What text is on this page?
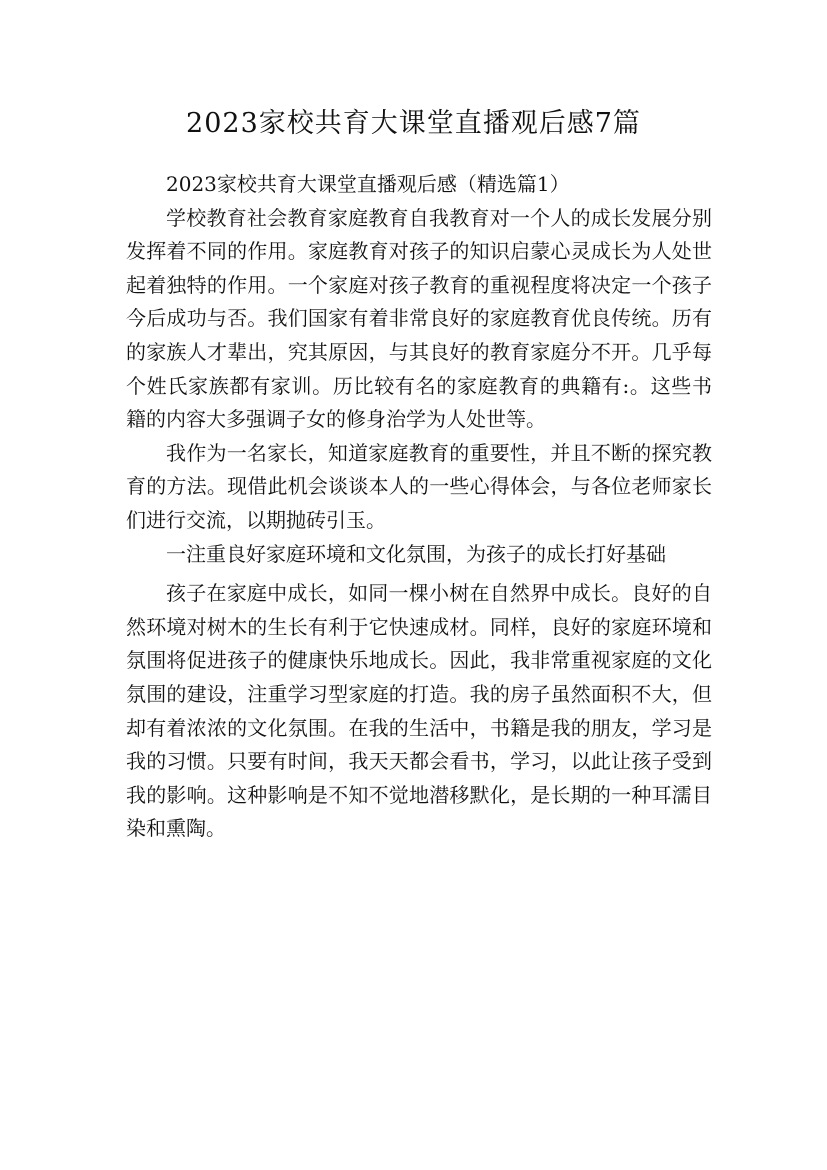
2023家校共育大课堂直播观后感7篇

2023家校共育大课堂直播观后感（精选篇1）

学校教育社会教育家庭教育自我教育对一个人的成长发展分别发挥着不同的作用。家庭教育对孩子的知识启蒙心灵成长为人处世起着独特的作用。一个家庭对孩子教育的重视程度将决定一个孩子今后成功与否。我们国家有着非常良好的家庭教育优良传统。历有的家族人才辈出，究其原因，与其良好的教育家庭分不开。几乎每个姓氏家族都有家训。历比较有名的家庭教育的典籍有:。这些书籍的内容大多强调子女的修身治学为人处世等。

我作为一名家长，知道家庭教育的重要性，并且不断的探究教育的方法。现借此机会谈谈本人的一些心得体会，与各位老师家长们进行交流，以期抛砖引玉。

一注重良好家庭环境和文化氛围，为孩子的成长打好基础

孩子在家庭中成长，如同一棵小树在自然界中成长。良好的自然环境对树木的生长有利于它快速成材。同样，良好的家庭环境和氛围将促进孩子的健康快乐地成长。因此，我非常重视家庭的文化氛围的建设，注重学习型家庭的打造。我的房子虽然面积不大，但却有着浓浓的文化氛围。在我的生活中，书籍是我的朋友，学习是我的习惯。只要有时间，我天天都会看书，学习，以此让孩子受到我的影响。这种影响是不知不觉地潜移默化，是长期的一种耳濡目染和熏陶。
